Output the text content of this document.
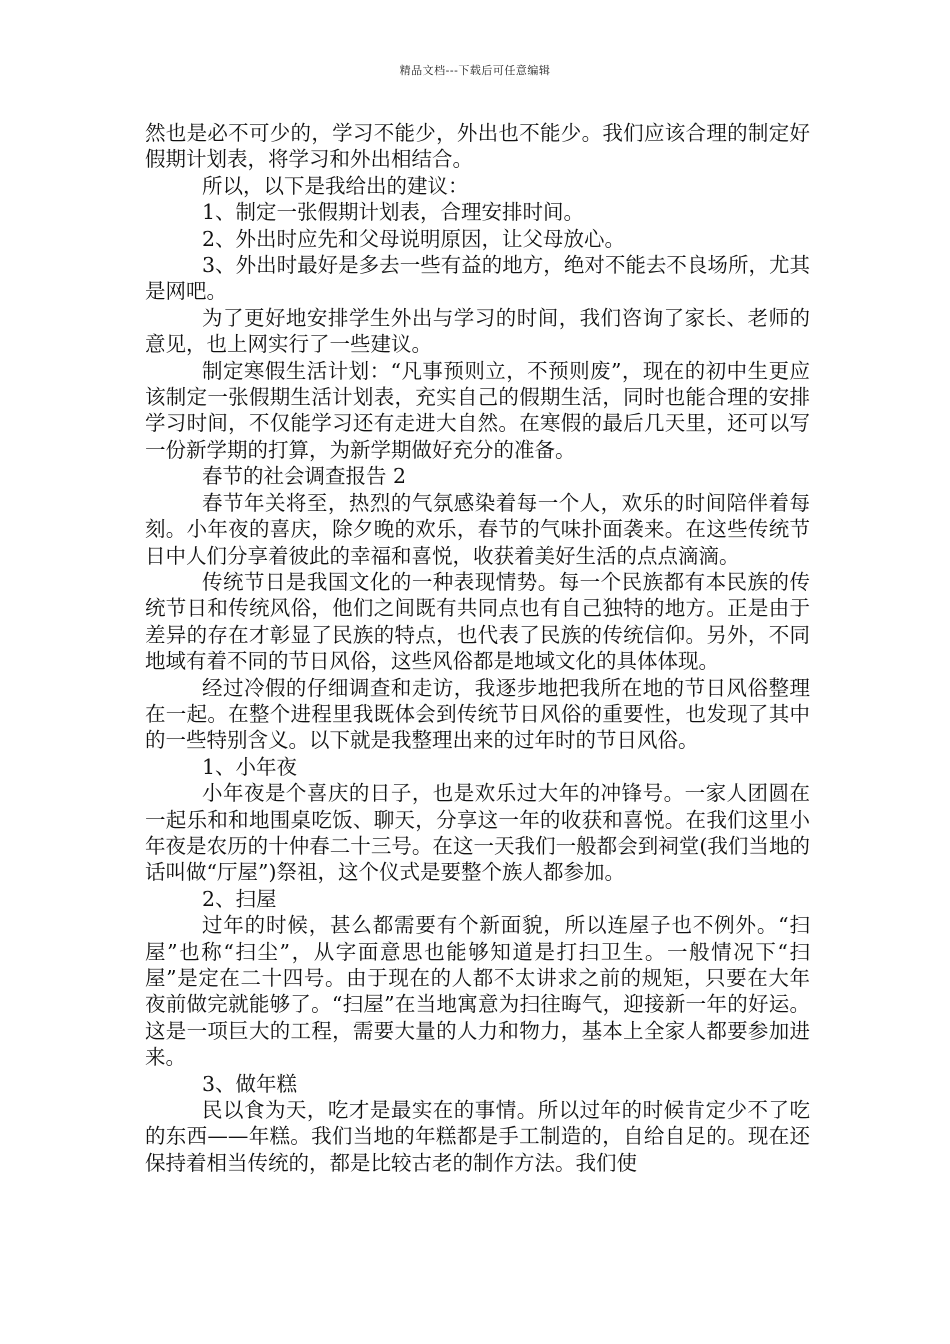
精品文档---下载后可任意编辑

然也是必不可少的，学习不能少，外出也不能少。我们应该合理的制定好假期计划表，将学习和外出相结合。

所以，以下是我给出的建议：

1、制定一张假期计划表，合理安排时间。

2、外出时应先和父母说明原因，让父母放心。

3、外出时最好是多去一些有益的地方，绝对不能去不良场所，尤其是网吧。

为了更好地安排学生外出与学习的时间，我们咨询了家长、老师的意见，也上网实行了一些建议。

制定寒假生活计划：“凡事预则立，不预则废”，现在的初中生更应该制定一张假期生活计划表，充实自己的假期生活，同时也能合理的安排学习时间，不仅能学习还有走进大自然。在寒假的最后几天里，还可以写一份新学期的打算，为新学期做好充分的准备。

春节的社会调查报告 2

春节年关将至，热烈的气氛感染着每一个人，欢乐的时间陪伴着每刻。小年夜的喜庆，除夕晚的欢乐，春节的气味扑面袭来。在这些传统节日中人们分享着彼此的幸福和喜悦，收获着美好生活的点点滴滴。

传统节日是我国文化的一种表现情势。每一个民族都有本民族的传统节日和传统风俗，他们之间既有共同点也有自己独特的地方。正是由于差异的存在才彰显了民族的特点，也代表了民族的传统信仰。另外，不同地域有着不同的节日风俗，这些风俗都是地域文化的具体体现。

经过冷假的仔细调查和走访，我逐步地把我所在地的节日风俗整理在一起。在整个进程里我既体会到传统节日风俗的重要性，也发现了其中的一些特别含义。以下就是我整理出来的过年时的节日风俗。

1、小年夜

小年夜是个喜庆的日子，也是欢乐过大年的冲锋号。一家人团圆在一起乐和和地围桌吃饭、聊天，分享这一年的收获和喜悦。在我们这里小年夜是农历的十仲春二十三号。在这一天我们一般都会到祠堂(我们当地的话叫做“厅屋”)祭祖，这个仪式是要整个族人都参加。

2、扫屋

过年的时候，甚么都需要有个新面貌，所以连屋子也不例外。“扫屋”也称“扫尘”，从字面意思也能够知道是打扫卫生。一般情况下“扫屋”是定在二十四号。由于现在的人都不太讲求之前的规矩，只要在大年夜前做完就能够了。“扫屋”在当地寓意为扫往晦气，迎接新一年的好运。这是一项巨大的工程，需要大量的人力和物力，基本上全家人都要参加进来。

3、做年糕

民以食为天，吃才是最实在的事情。所以过年的时候肯定少不了吃的东西——年糕。我们当地的年糕都是手工制造的，自给自足的。现在还保持着相当传统的，都是比较古老的制作方法。我们使
